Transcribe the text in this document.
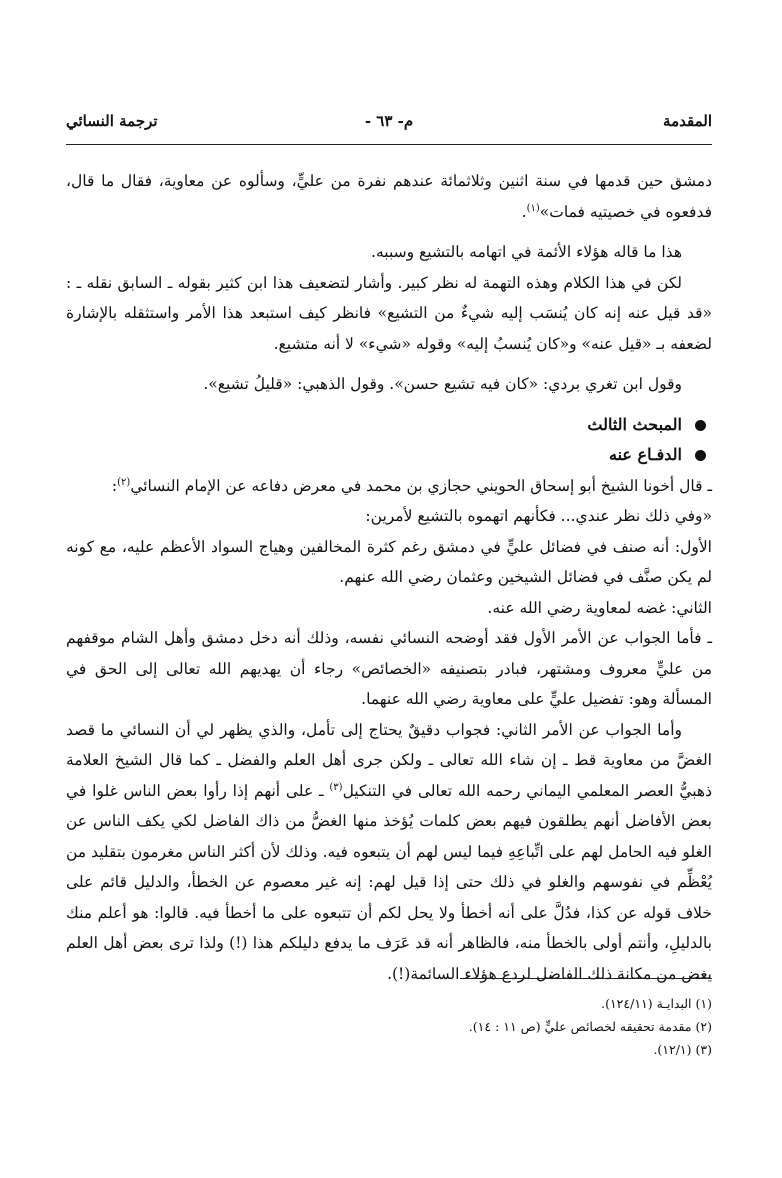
المقدمة
م- ٦٣ -
ترجمة النسائي

دمشق حين قدمها في سنة اثنين وثلاثمائة عندهم نفرة من عليٍّ، وسألوه عن معاوية، فقال ما قال، فدفعوه في خصيتيه فمات»$^{(١)}$.

هذا ما قاله هؤلاء الأئمة في اتهامه بالتشيع وسببه.

لكن في هذا الكلام وهذه التهمة له نظر كبير. وأشار لتضعيف هذا ابن كثير بقوله ـ السابق نقله ـ : «قد قيل عنه إنه كان يُنسَب إليه شيءٌ من التشيع» فانظر كيف استبعد هذا الأمر واستثقله بالإشارة لضعفه بـ «قيل عنه» و«كان يُنسبُ إليه» وقوله «شيء» لا أنه متشيع.

وقول ابن تغري بردي: «كان فيه تشيع حسن». وقول الذهبي: «قليلُ تشيع».

المبحث الثالث

الدفـاع عنه

ـ قال أخونا الشيخ أبو إسحاق الحويني حجازي بن محمد في معرض دفاعه عن الإمام النسائي$^{(٢)}$:

«وفي ذلك نظر عندي... فكأنهم اتهموه بالتشيع لأمرين:

الأول: أنه صنف في فضائل عليٍّ في دمشق رغم كثرة المخالفين وهياج السواد الأعظم عليه، مع كونه لم يكن صنَّف في فضائل الشيخين وعثمان رضي الله عنهم.

الثاني: غضه لمعاوية رضي الله عنه.

ـ فأما الجواب عن الأمر الأول فقد أوضحه النسائي نفسه، وذلك أنه دخل دمشق وأهل الشام موقفهم من عليٍّ معروف ومشتهر، فبادر بتصنيفه «الخصائص» رجاء أن يهديهم الله تعالى إلى الحق في المسألة وهو: تفضيل عليٍّ على معاوية رضي الله عنهما.

وأما الجواب عن الأمر الثاني: فجواب دقيقٌ يحتاج إلى تأمل، والذي يظهر لي أن النسائي ما قصد الغضَّ من معاوية قط ـ إن شاء الله تعالى ـ ولكن جرى أهل العلم والفضل ـ كما قال الشيخ العلامة ذهبيُّ العصر المعلمي اليماني رحمه الله تعالى في التنكيل$^{(٣)}$ ـ على أنهم إذا رأوا بعض الناس غلوا في بعض الأفاضل أنهم يطلقون فيهم بعض كلمات يُؤخذ منها الغضُّ من ذاك الفاضل لكي يكف الناس عن الغلو فيه الحامل لهم على اتِّباعِهِ فيما ليس لهم أن يتبعوه فيه. وذلك لأن أكثر الناس مغرمون بتقليد من يُعْظِّم في نفوسهم والغلو في ذلك حتى إذا قيل لهم: إنه غير معصوم عن الخطأ، والدليل قائم على خلاف قوله عن كذا، فدُلَّ على أنه أخطأ ولا يحل لكم أن تتبعوه على ما أخطأ فيه. قالوا: هو أعلم منك بالدليلِ، وأنتم أولى بالخطأ منه، فالظاهر أنه قد عَرَف ما يدفع دليلكم هذا (!) ولذا ترى بعض أهل العلم يغض من مكانة ذلك الفاضل لردع هؤلاء السائمة(!).

(١) البدايـة (١٢٤/١١).

(٢) مقدمة تحقيقه لخصائص عليٍّ (ص ١١ : ١٤).

(٣) (١٢/١).
